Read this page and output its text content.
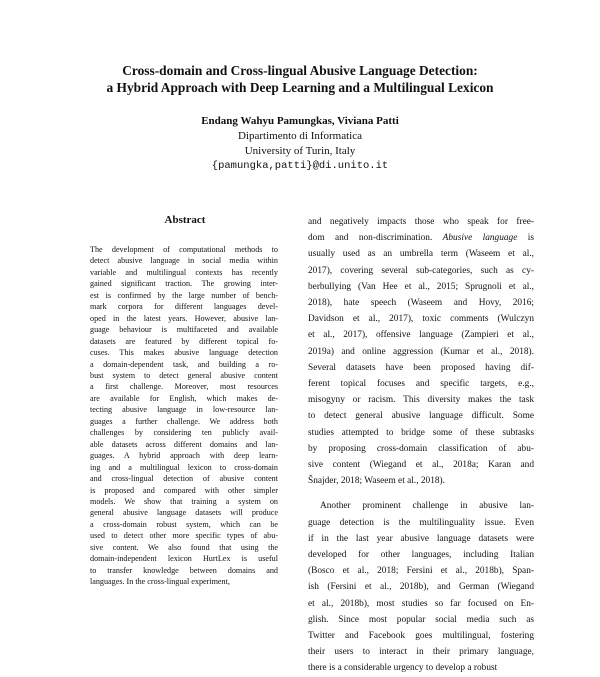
Cross-domain and Cross-lingual Abusive Language Detection:
a Hybrid Approach with Deep Learning and a Multilingual Lexicon
Endang Wahyu Pamungkas, Viviana Patti
Dipartimento di Informatica
University of Turin, Italy
{pamungka,patti}@di.unito.it
Abstract
The development of computational methods to
detect abusive language in social media within
variable and multilingual contexts has recently
gained significant traction. The growing inter-
est is confirmed by the large number of bench-
mark corpora for different languages devel-
oped in the latest years. However, abusive lan-
guage behaviour is multifaceted and available
datasets are featured by different topical fo-
cuses. This makes abusive language detection
a domain-dependent task, and building a ro-
bust system to detect general abusive content
a first challenge. Moreover, most resources
are available for English, which makes de-
tecting abusive language in low-resource lan-
guages a further challenge. We address both
challenges by considering ten publicly avail-
able datasets across different domains and lan-
guages. A hybrid approach with deep learn-
ing and a multilingual lexicon to cross-domain
and cross-lingual detection of abusive content
is proposed and compared with other simpler
models. We show that training a system on
general abusive language datasets will produce
a cross-domain robust system, which can be
used to detect other more specific types of abu-
sive content. We also found that using the
domain-independent lexicon HurtLex is useful
to transfer knowledge between domains and
languages. In the cross-lingual experiment,
and negatively impacts those who speak for free-
dom and non-discrimination. Abusive language is
usually used as an umbrella term (Waseem et al.,
2017), covering several sub-categories, such as cy-
berbullying (Van Hee et al., 2015; Sprugnoli et al.,
2018), hate speech (Waseem and Hovy, 2016;
Davidson et al., 2017), toxic comments (Wulczyn
et al., 2017), offensive language (Zampieri et al.,
2019a) and online aggression (Kumar et al., 2018).
Several datasets have been proposed having dif-
ferent topical focuses and specific targets, e.g.,
misogyny or racism. This diversity makes the task
to detect general abusive language difficult. Some
studies attempted to bridge some of these subtasks
by proposing cross-domain classification of abu-
sive content (Wiegand et al., 2018a; Karan and
Šnajder, 2018; Waseem et al., 2018).
Another prominent challenge in abusive lan-
guage detection is the multilinguality issue. Even
if in the last year abusive language datasets were
developed for other languages, including Italian
(Bosco et al., 2018; Fersini et al., 2018b), Span-
ish (Fersini et al., 2018b), and German (Wiegand
et al., 2018b), most studies so far focused on En-
glish. Since most popular social media such as
Twitter and Facebook goes multilingual, fostering
their users to interact in their primary language,
there is a considerable urgency to develop a robust
